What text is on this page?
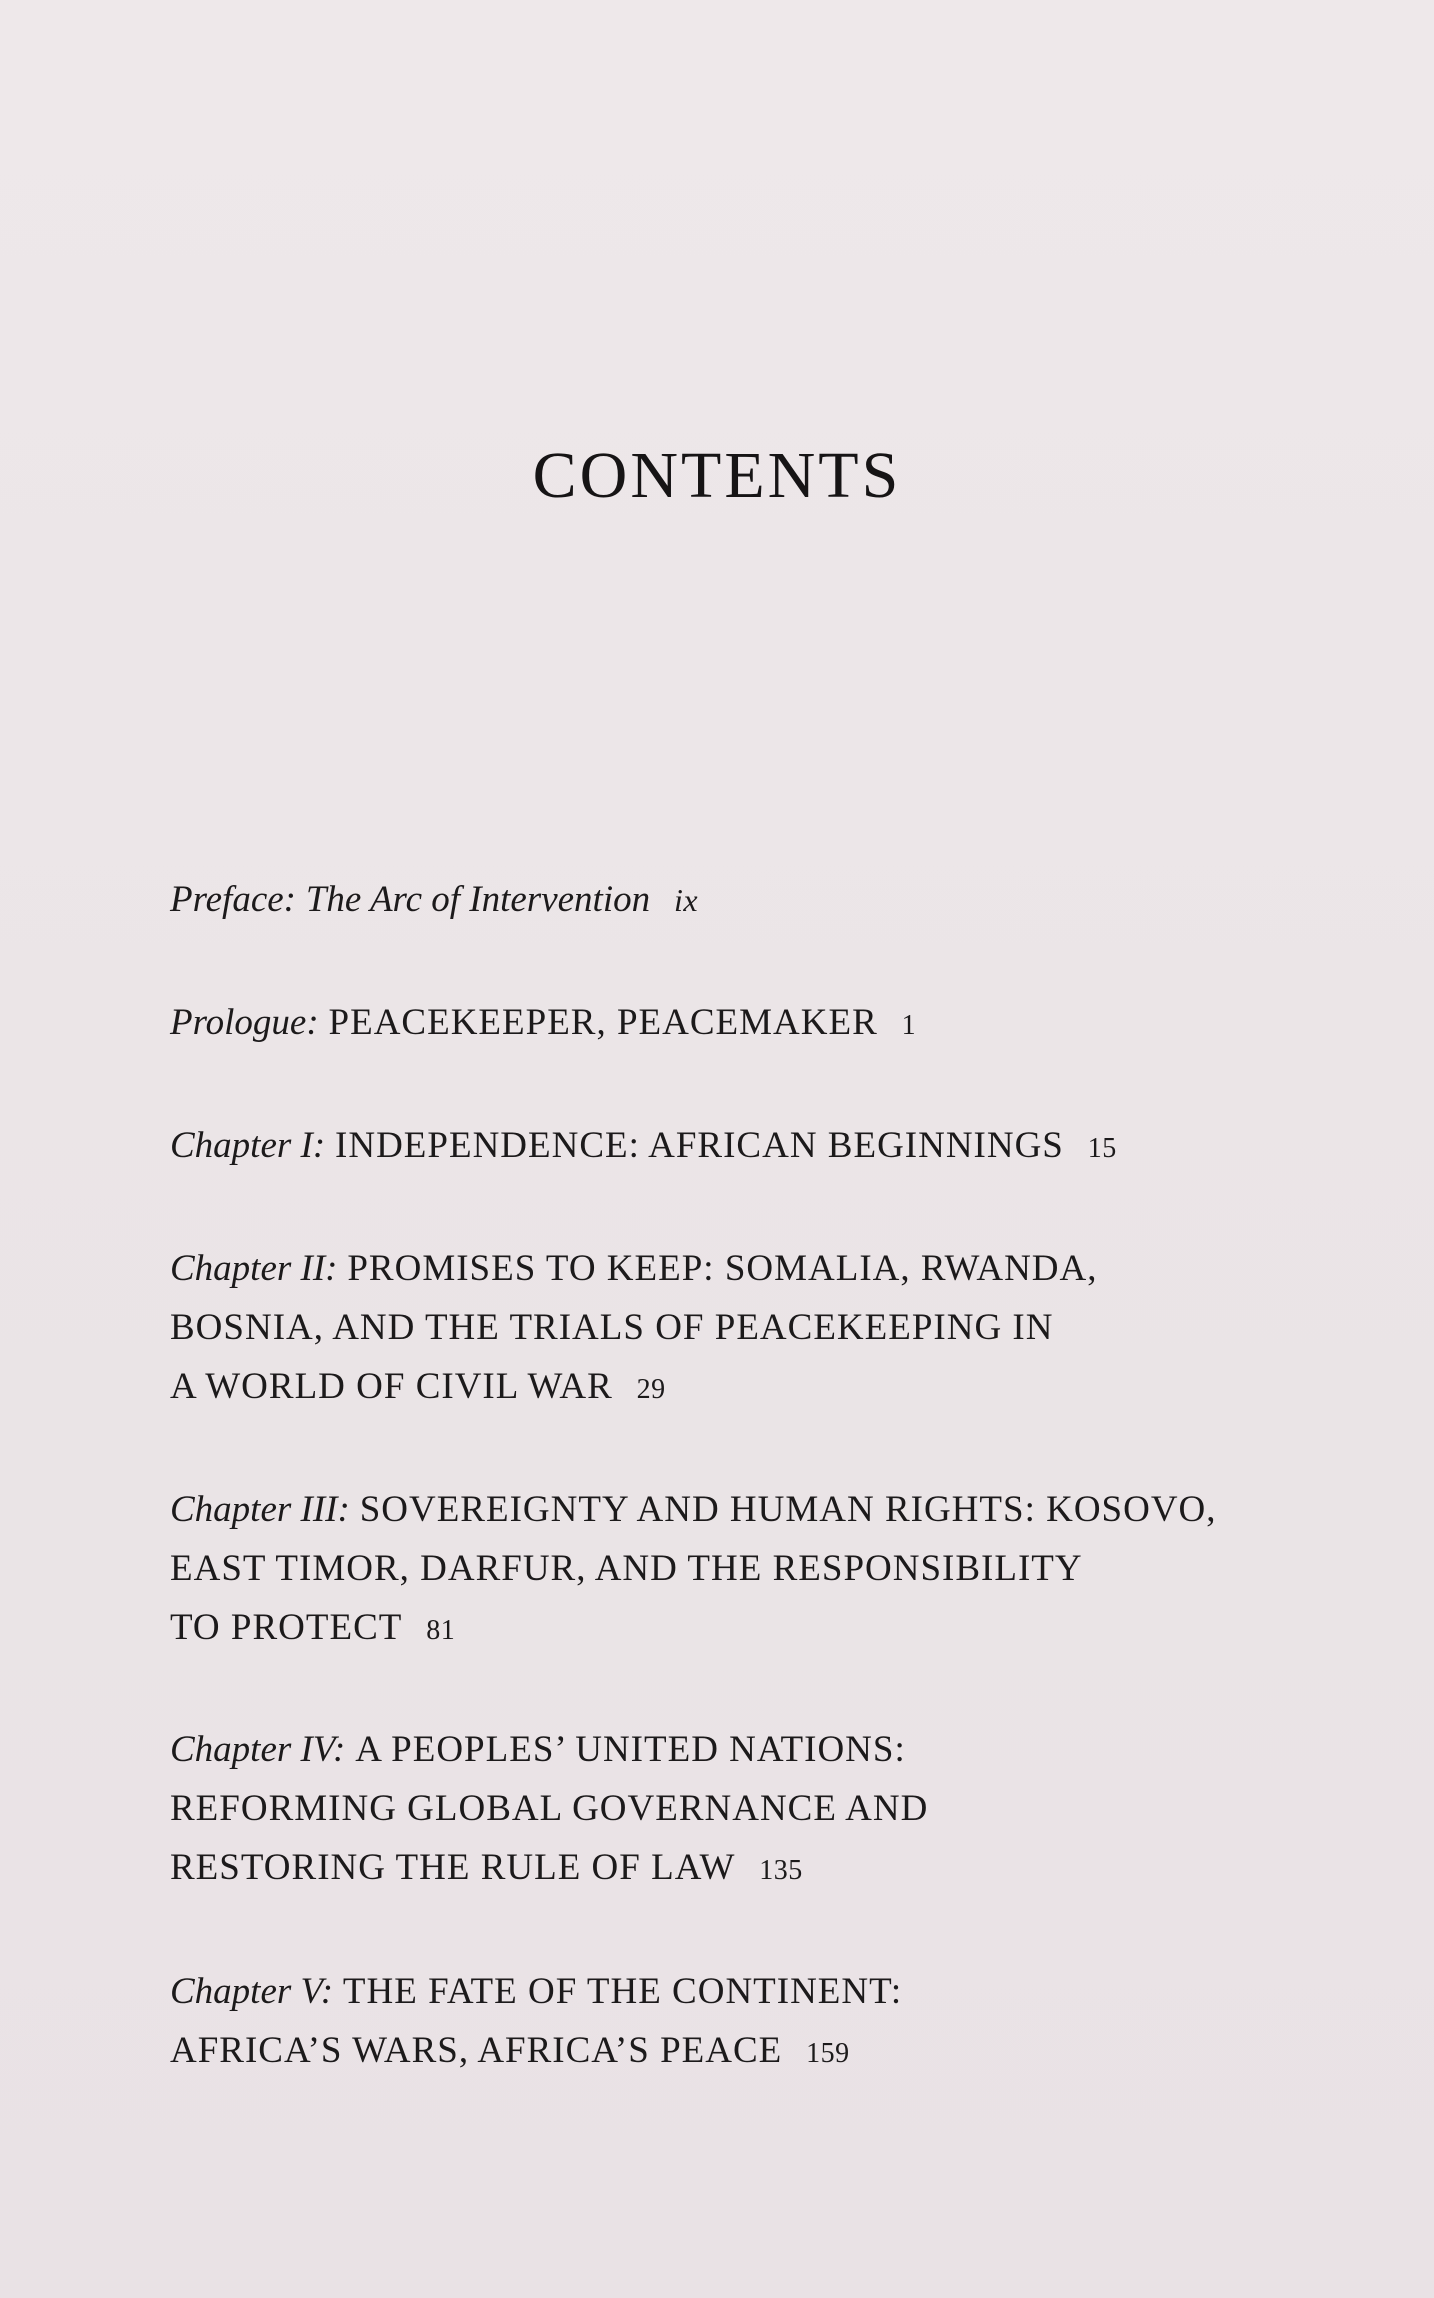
CONTENTS
Preface: The Arc of Intervention ix
Prologue: PEACEKEEPER, PEACEMAKER 1
Chapter I: INDEPENDENCE: AFRICAN BEGINNINGS 15
Chapter II: PROMISES TO KEEP: SOMALIA, RWANDA,
BOSNIA, AND THE TRIALS OF PEACEKEEPING IN
A WORLD OF CIVIL WAR 29
Chapter III: SOVEREIGNTY AND HUMAN RIGHTS: KOSOVO,
EAST TIMOR, DARFUR, AND THE RESPONSIBILITY
TO PROTECT 81
Chapter IV: A PEOPLES’ UNITED NATIONS:
REFORMING GLOBAL GOVERNANCE AND
RESTORING THE RULE OF LAW 135
Chapter V: THE FATE OF THE CONTINENT:
AFRICA’S WARS, AFRICA’S PEACE 159
